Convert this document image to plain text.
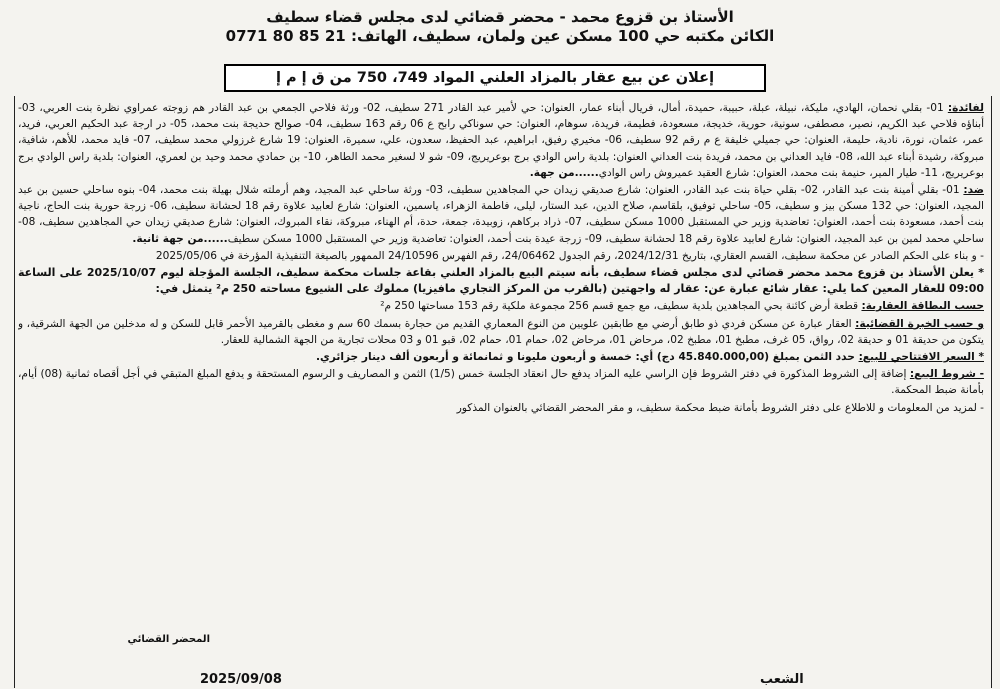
الأستاذ بن قزوع محمد - محضر قضائي لدى مجلس قضاء سطيف

الكائن مكتبه حي 100 مسكن عين ولمان، سطيف، الهاتف: 21 85 80 0771

إعلان عن بيع عقار بالمزاد العلني المواد 749، 750 من ق إ م إ

لفائدة: 01- بقلي نحمان، الهادي، مليكة، نبيلة، عبلة، حبيبة، حميدة، أمال، فريال أبناء عمار، العنوان: حي لأمير عبد القادر 271 سطيف، 02- ورثة فلاحي الجمعي بن عبد القادر هم زوجته عمراوي نظرة بنت العربي، 03- أبناؤه فلاحي عبد الكريم، نصير، مصطفى، سونية، حورية، خديجة، مسعودة، فطيمة، فريدة، سوهام، العنوان: حي سوناكي رابح ع 06 رقم 163 سطيف، 04- صوالح حديجة بنت محمد، 05- در ارجة عبد الحكيم العربي، فريد، عمر، عثمان، نورة، نادية، حليمة، العنوان: حي جميلي خليفة ع م رقم 92 سطيف، 06- مخيري رفيق، ابراهيم، عبد الحفيظ، سعدون، علي، سميرة، العنوان: 19 شارع غرزولي محمد سطيف، 07- فايد محمد، للأهم، شافية، مبروكة، رشيدة أبناء عبد الله، 08- فايد العداني بن محمد، فريدة بنت العداني العنوان: بلدية راس الوادي برج بوعريريج، 09- شو لا لسغير محمد الطاهر، 10- بن حمادي محمد وحيد بن لعمري، العنوان: بلدية راس الوادي برج بوعريريج، 11- طيار المير، حنيمة بنت محمد، العنوان: شارع العقيد عميروش راس الوادي......من جهة.

ضد: 01- بقلي أمينة بنت عبد القادر، 02- بقلي حياة بنت عبد القادر، العنوان: شارع صديقي زيدان حي المجاهدين سطيف، 03- ورثة ساحلي عبد المجيد، وهم أرملته شلال بهيلة بنت محمد، 04- بنوه ساحلي حسين بن عبد المجيد، العنوان: حي 132 مسكن بيز و سطيف، 05- ساحلي توفيق، بلقاسم، صلاح الدين، عبد الستار، ليلى، فاطمة الزهراء، ياسمين، العنوان: شارع لعابيد علاوة رقم 18 لحشانة سطيف، 06- زرجة حورية بنت الحاج، ناجية بنت أحمد، مسعودة بنت أحمد، العنوان: تعاضدية وزير حي المستقبل 1000 مسكن سطيف، 07- ذراد بركاهم، زوبيدة، جمعة، حدة، أم الهناء، مبروكة، نقاء المبروك، العنوان: شارع صديقي زيدان حي المجاهدين سطيف، 08- ساحلي محمد لمين بن عبد المجيد، العنوان: شارع لعابيد علاوة رقم 18 لحشانة سطيف، 09- زرجة عيدة بنت أحمد، العنوان: تعاضدية وزير حي المستقبل 1000 مسكن سطيف......من جهة ثانية.

- و بناء على الحكم الصادر عن محكمة سطيف، القسم العقاري، بتاريخ 2024/12/31، رقم الجدول 24/06462، رقم الفهرس 24/10596 الممهور بالصيغة التنفيذية المؤرخة في 2025/05/06

* يعلن الأستاذ بن قزوع محمد محضر قضائي لدى مجلس قضاء سطيف، بأنه سيتم البيع بالمزاد العلني بقاعة جلسات محكمة سطيف، الجلسة المؤجلة ليوم 2025/10/07 على الساعة 09:00 للعقار المعين كما يلي: عقار شائع عبارة عن: عقار له واجهتين (بالقرب من المركز التجاري مافيزيا) مملوك على الشيوع مساحته 250 م² يتمثل في:

حسب البطاقة العقارية: قطعة أرض كائنة بحي المجاهدين بلدية سطيف، مع جمع قسم 256 مجموعة ملكية رقم 153 مساحتها 250 م²

و حسب الخبرة القضائية: العقار عبارة عن مسكن فردي ذو طابق أرضي مع طابقين علويين من النوع المعماري القديم من حجارة بسمك 60 سم و مغطى بالقرميد الأحمر قابل للسكن و له مدخلين من الجهة الشرقية، و يتكون من حديقة 01 و حديقة 02، رواق، 05 غرف، مطبخ 01، مطبخ 02، مرحاض 01، مرحاض 02، حمام 01، حمام 02، قبو 01 و 03 محلات تجارية من الجهة الشمالية للعقار.

* السعر الافتتاحي للبيع: حدد الثمن بمبلغ (45.840.000,00 دج) أي: خمسة و أربعون مليونا و ثمانمائة و أربعون ألف دينار جزائري.

- شروط البيع: إضافة إلى الشروط المذكورة في دفتر الشروط فإن الراسي عليه المزاد يدفع حال انعقاد الجلسة خمس (1/5) الثمن و المصاريف و الرسوم المستحقة و يدفع المبلغ المتبقي في أجل أقصاه ثمانية (08) أيام، بأمانة ضبط المحكمة.

- لمزيد من المعلومات و للاطلاع على دفتر الشروط بأمانة ضبط محكمة سطيف، و مقر المحضر القضائي بالعنوان المذكور

المحضر القضائي
الشعب
2025/09/08
